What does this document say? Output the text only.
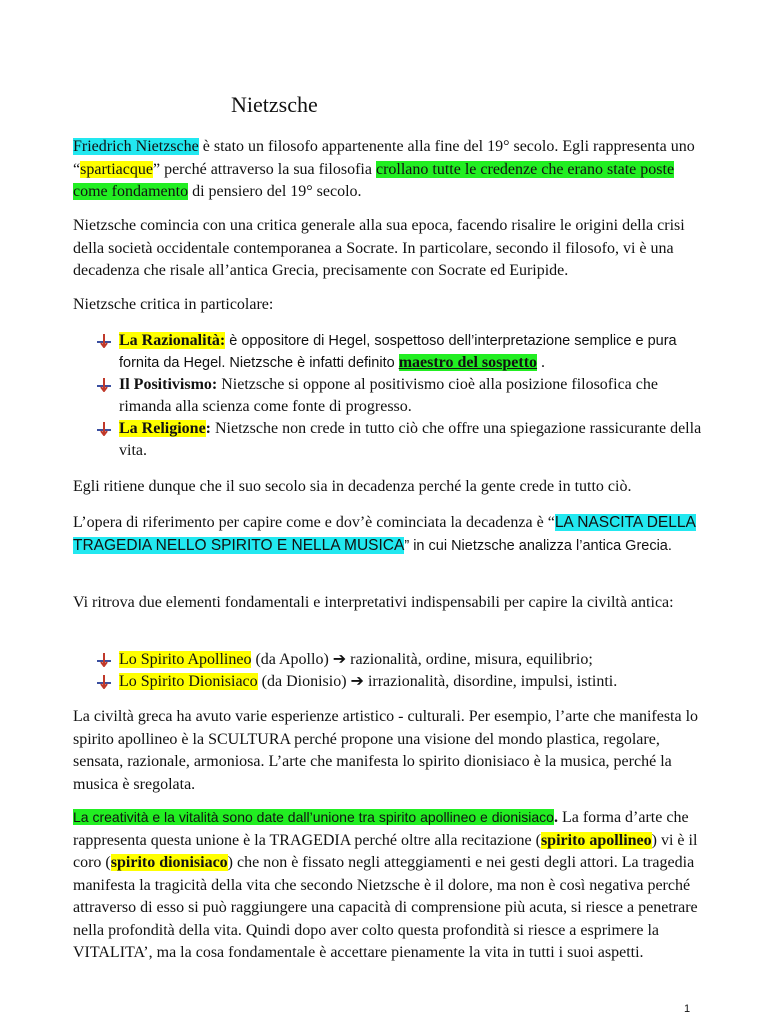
Nietzsche

Friedrich Nietzsche è stato un filosofo appartenente alla fine del 19° secolo. Egli rappresenta uno “spartiacque” perché attraverso la sua filosofia crollano tutte le credenze che erano state poste come fondamento di pensiero del 19° secolo.

Nietzsche comincia con una critica generale alla sua epoca, facendo risalire le origini della crisi della società occidentale contemporanea a Socrate. In particolare, secondo il filosofo, vi è una decadenza che risale all’antica Grecia, precisamente con Socrate ed Euripide.

Nietzsche critica in particolare:

La Razionalità: è oppositore di Hegel, sospettoso dell’interpretazione semplice e pura fornita da Hegel. Nietzsche è infatti definito maestro del sospetto .
Il Positivismo: Nietzsche si oppone al positivismo cioè alla posizione filosofica che rimanda alla scienza come fonte di progresso.
La Religione: Nietzsche non crede in tutto ciò che offre una spiegazione rassicurante della vita.

Egli ritiene dunque che il suo secolo sia in decadenza perché la gente crede in tutto ciò.

L’opera di riferimento per capire come e dov’è cominciata la decadenza è “LA NASCITA DELLA TRAGEDIA NELLO SPIRITO E NELLA MUSICA” in cui Nietzsche analizza l’antica Grecia.

Vi ritrova due elementi fondamentali e interpretativi indispensabili per capire la civiltà antica:

Lo Spirito Apollineo (da Apollo) ➔ razionalità, ordine, misura, equilibrio;
Lo Spirito Dionisiaco (da Dionisio) ➔ irrazionalità, disordine, impulsi, istinti.

La civiltà greca ha avuto varie esperienze artistico - culturali. Per esempio, l’arte che manifesta lo spirito apollineo è la SCULTURA perché propone una visione del mondo plastica, regolare, sensata, razionale, armoniosa. L’arte che manifesta lo spirito dionisiaco è la musica, perché la musica è sregolata.

La creatività e la vitalità sono date dall’unione tra spirito apollineo e dionisiaco. La forma d’arte che rappresenta questa unione è la TRAGEDIA perché oltre alla recitazione (spirito apollineo) vi è il coro (spirito dionisiaco) che non è fissato negli atteggiamenti e nei gesti degli attori. La tragedia manifesta la tragicità della vita che secondo Nietzsche è il dolore, ma non è così negativa perché attraverso di esso si può raggiungere una capacità di comprensione più acuta, si riesce a penetrare nella profondità della vita. Quindi dopo aver colto questa profondità si riesce a esprimere la VITALITA’, ma la cosa fondamentale è accettare pienamente la vita in tutti i suoi aspetti.

1
